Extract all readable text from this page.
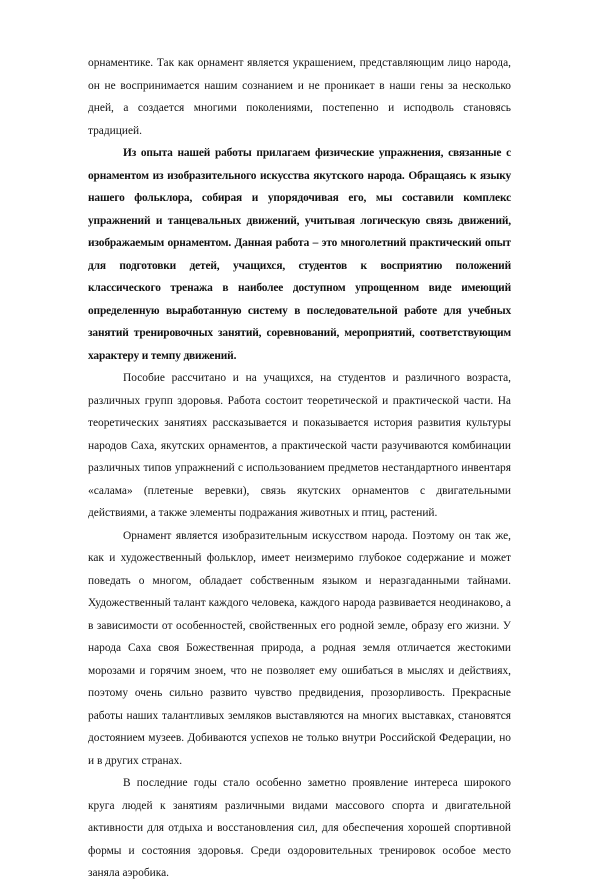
орнаментике. Так как орнамент является украшением, представляющим лицо народа, он не воспринимается нашим сознанием и не проникает в наши гены за несколько дней, а создается многими поколениями, постепенно и исподволь становясь традицией.

Из опыта нашей работы прилагаем физические упражнения, связанные с орнаментом из изобразительного искусства якутского народа. Обращаясь к языку нашего фольклора, собирая и упорядочивая его, мы составили комплекс упражнений и танцевальных движений, учитывая логическую связь движений, изображаемым орнаментом. Данная работа – это многолетний практический опыт для подготовки детей, учащихся, студентов к восприятию положений классического тренажа в наиболее доступном упрощенном виде имеющий определенную выработанную систему в последовательной работе для учебных занятий тренировочных занятий, соревнований, мероприятий, соответствующим характеру и темпу движений.

Пособие рассчитано и на учащихся, на студентов и различного возраста, различных групп здоровья. Работа состоит теоретической и практической части. На теоретических занятиях рассказывается и показывается история развития культуры народов Саха, якутских орнаментов, а практической части разучиваются комбинации различных типов упражнений с использованием предметов нестандартного инвентаря «салама» (плетеные веревки), связь якутских орнаментов с двигательными действиями, а также элементы подражания животных и птиц, растений.

Орнамент является изобразительным искусством народа. Поэтому он так же, как и художественный фольклор, имеет неизмеримо глубокое содержание и может поведать о многом, обладает собственным языком и неразгаданными тайнами. Художественный талант каждого человека, каждого народа развивается неодинаково, а в зависимости от особенностей, свойственных его родной земле, образу его жизни. У народа Саха своя Божественная природа, а родная земля отличается жестокими морозами и горячим зноем, что не позволяет ему ошибаться в мыслях и действиях, поэтому очень сильно развито чувство предвидения, прозорливость. Прекрасные работы наших талантливых земляков выставляются на многих выставках, становятся достоянием музеев. Добиваются успехов не только внутри Российской Федерации, но и в других странах.

В последние годы стало особенно заметно проявление интереса широкого круга людей к занятиям различными видами массового спорта и двигательной активности для отдыха и восстановления сил, для обеспечения хорошей спортивной формы и состояния здоровья. Среди оздоровительных тренировок особое место заняла аэробика.
